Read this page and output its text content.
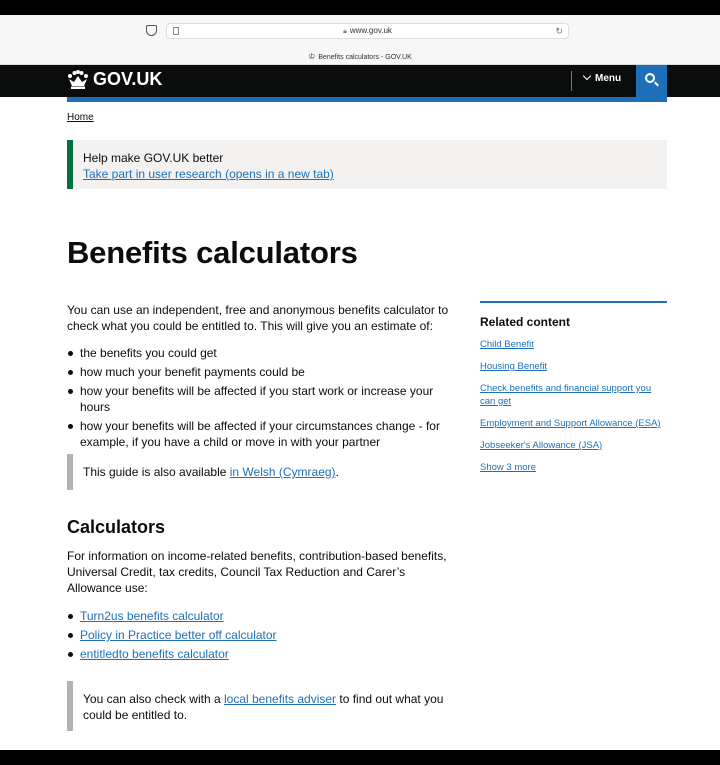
🔒︎ www.gov.uk	↻
♔ Benefits calculators - GOV.UK
GOV.UK	Menu
Home
Help make GOV.UK better
Take part in user research (opens in a new tab)
Benefits calculators

You can use an independent, free and anonymous benefits calculator to check what you could be entitled to. This will give you an estimate of:

the benefits you could get
how much your benefit payments could be
how your benefits will be affected if you start work or increase your hours
how your benefits will be affected if your circumstances change - for example, if you have a child or move in with your partner
This guide is also available in Welsh (Cymraeg).
Calculators

For information on income-related benefits, contribution-based benefits, Universal Credit, tax credits, Council Tax Reduction and Carer’s Allowance use:

Turn2us benefits calculator
Policy in Practice better off calculator
entitledto benefits calculator
You can also check with a local benefits adviser to find out what you could be entitled to.
Related content
Child Benefit
Housing Benefit
Check benefits and financial support you can get
Employment and Support Allowance (ESA)
Jobseeker's Allowance (JSA)
Show 3 more
